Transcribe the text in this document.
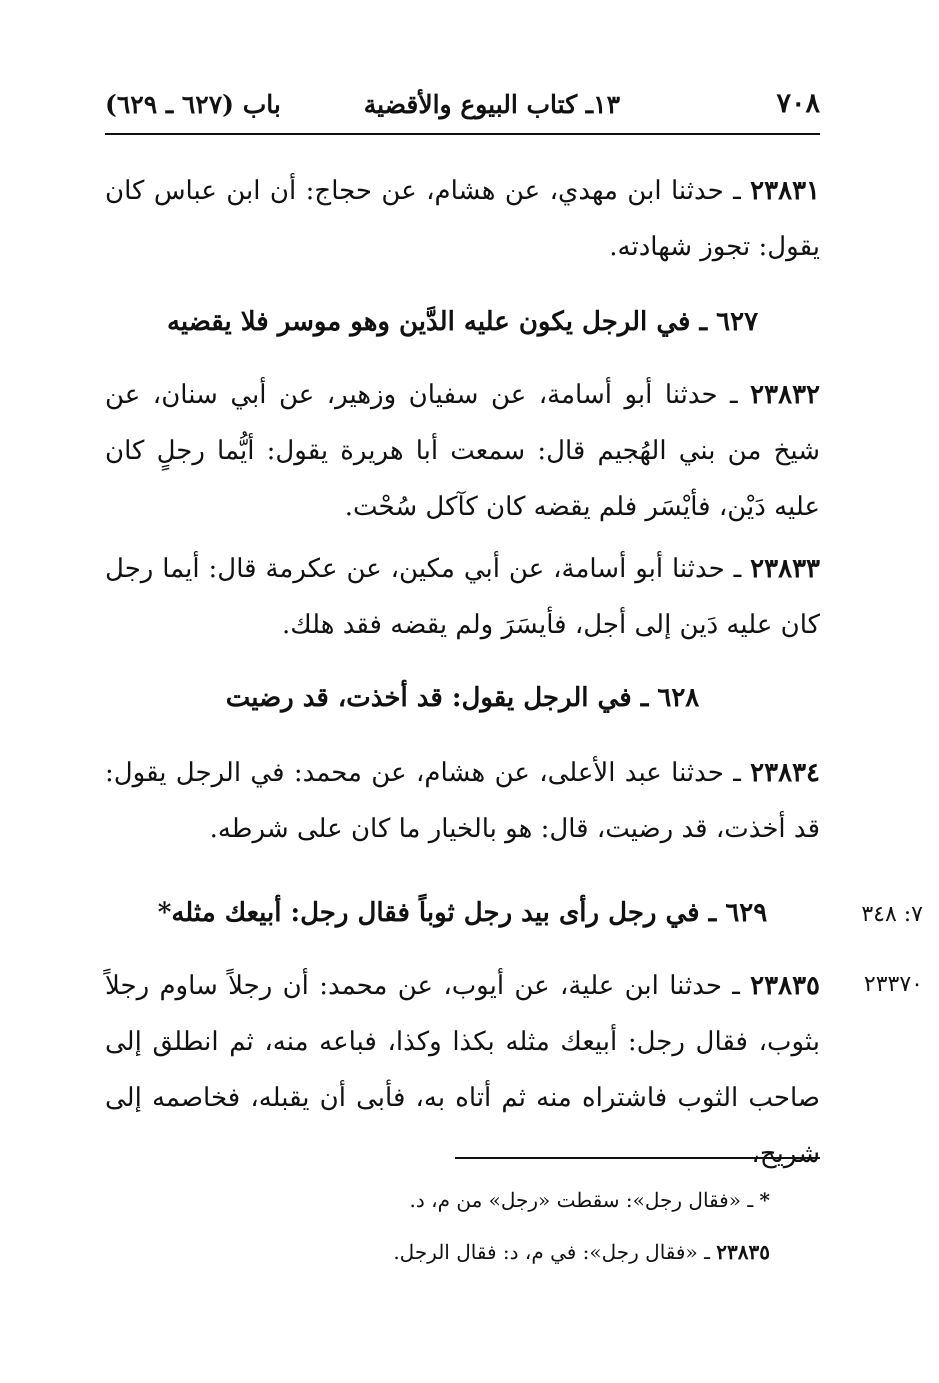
٧٠٨
١٣ـ كتاب البيوع والأقضية
باب (٦٢٧ ـ ٦٢٩)
٢٣٨٣١ ـ حدثنا ابن مهدي، عن هشام، عن حجاج: أن ابن عباس كان يقول: تجوز شهادته.
٦٢٧ ـ في الرجل يكون عليه الدَّين وهو موسر فلا يقضيه
٢٣٨٣٢ ـ حدثنا أبو أسامة، عن سفيان وزهير، عن أبي سنان، عن شيخ من بني الهُجيم قال: سمعت أبا هريرة يقول: أيُّما رجلٍ كان عليه دَيْن، فأيْسَر فلم يقضه كان كآكل سُحْت.
٢٣٨٣٣ ـ حدثنا أبو أسامة، عن أبي مكين، عن عكرمة قال: أيما رجل كان عليه دَين إلى أجل، فأيسَرَ ولم يقضه فقد هلك.
٦٢٨ ـ في الرجل يقول: قد أخذت، قد رضيت
٢٣٨٣٤ ـ حدثنا عبد الأعلى، عن هشام، عن محمد: في الرجل يقول: قد أخذت، قد رضيت، قال: هو بالخيار ما كان على شرطه.
٦٢٩ ـ في رجل رأى بيد رجل ثوباً فقال رجل: أبيعك مثله*	٧: ٣٤٨
٢٣٨٣٥ ـ حدثنا ابن علية، عن أيوب، عن محمد: أن رجلاً ساوم رجلاً بثوب، فقال رجل: أبيعك مثله بكذا وكذا، فباعه منه، ثم انطلق إلى صاحب الثوب فاشتراه منه ثم أتاه به، فأبى أن يقبله، فخاصمه إلى شريح،
٢٣٣٧٠
* ـ «فقال رجل»: سقطت «رجل» من م، د.
٢٣٨٣٥ ـ «فقال رجل»: في م، د: فقال الرجل.
